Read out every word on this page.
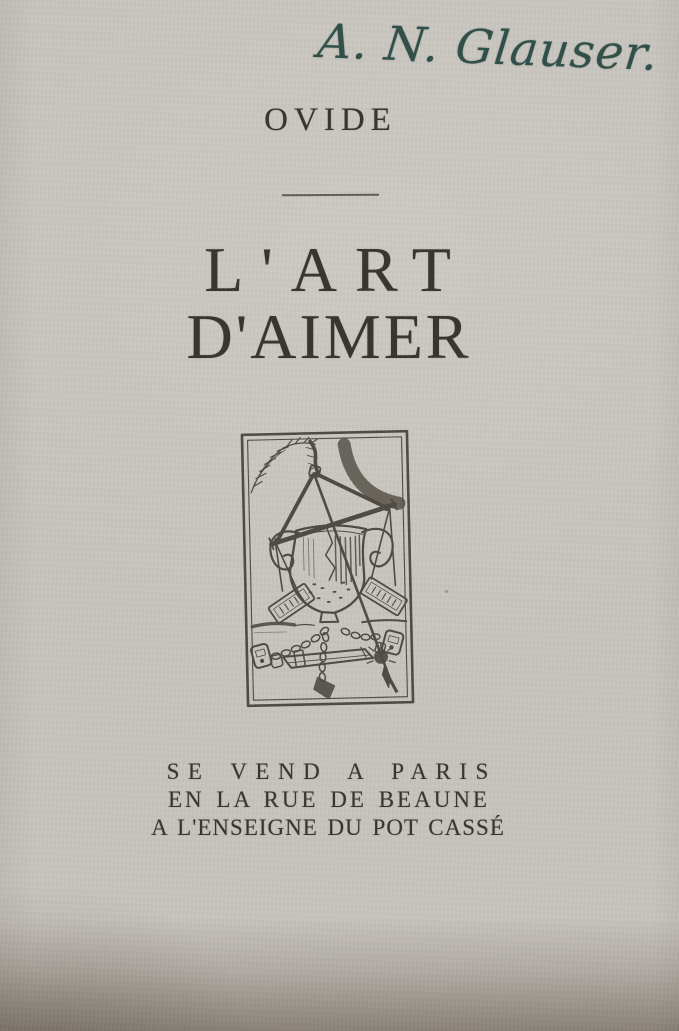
A. N. Glauser.
OVIDE
L'ART
D'AIMER
SE VEND A PARIS
EN LA RUE DE BEAUNE
A L'ENSEIGNE DU POT CASSÉ
